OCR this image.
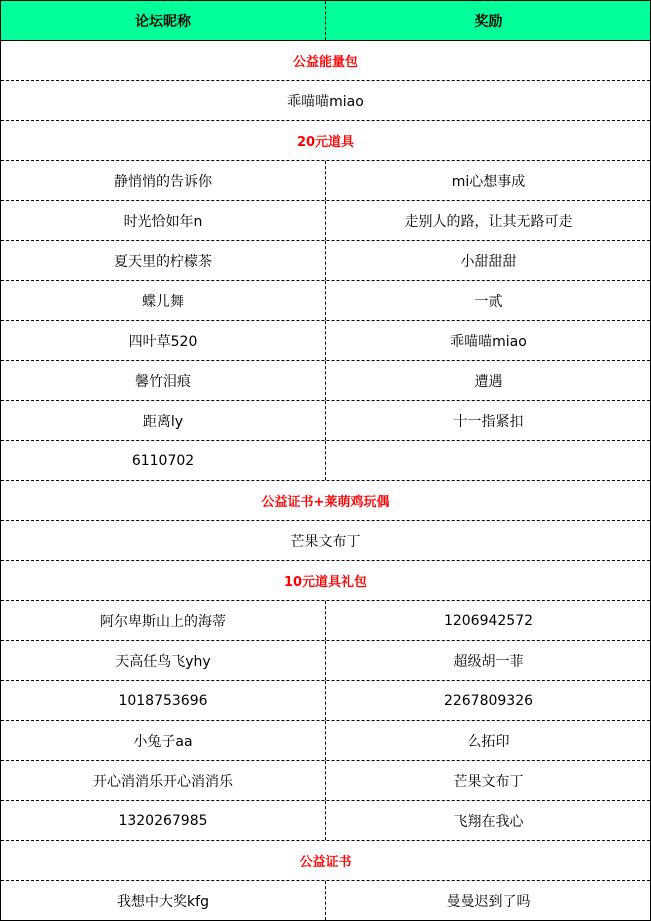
论坛昵称	奖励
公益能量包
乖喵喵miao
20元道具
静悄悄的告诉你	mi心想事成
时光恰如年n	走别人的路，让其无路可走
夏天里的柠檬茶	小甜甜甜
蝶儿舞	一贰
四叶草520	乖喵喵miao
馨竹泪痕	遭遇
距离ly	十一指紧扣
6110702
公益证书+莱萌鸡玩偶
芒果文布丁
10元道具礼包
阿尔卑斯山上的海蒂	1206942572
天高任鸟飞yhy	超级胡一菲
1018753696	2267809326
小兔子aa	么拓印
开心消消乐开心消消乐	芒果文布丁
1320267985	飞翔在我心
公益证书
我想中大奖kfg	曼曼迟到了吗
